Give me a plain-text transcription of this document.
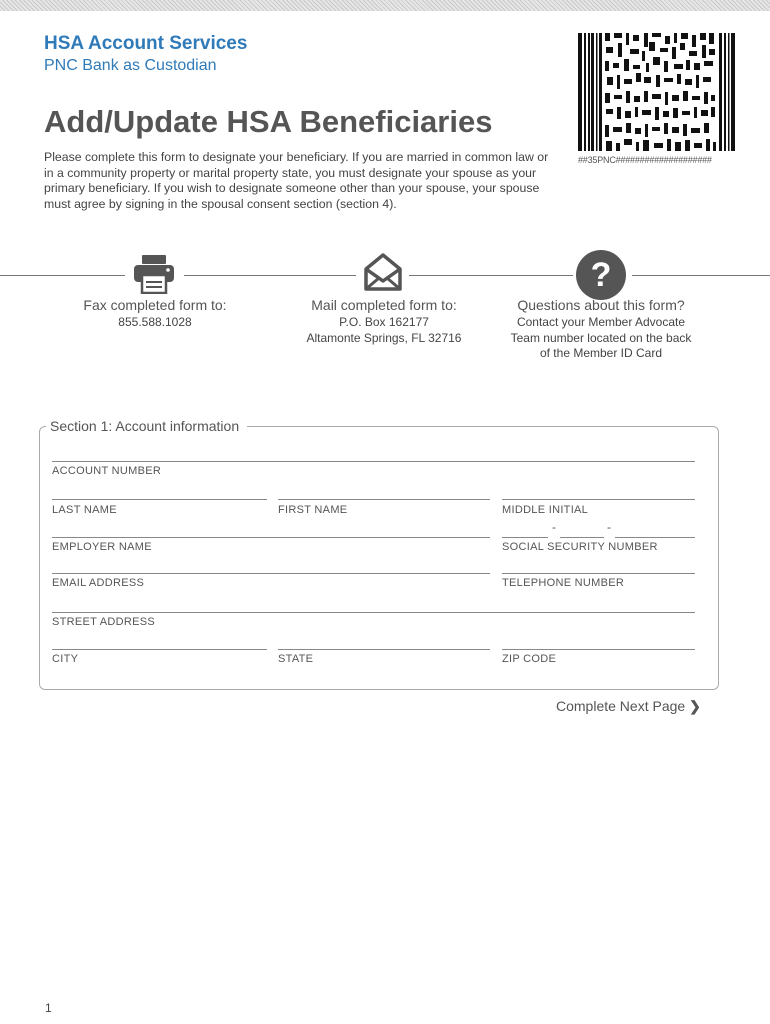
HSA Account Services
PNC Bank as Custodian
##35PNC####################
Add/Update HSA Beneficiaries
Please complete this form to designate your beneficiary. If you are married in common law or in a community property or marital property state, you must designate your spouse as your primary beneficiary. If you wish to designate someone other than your spouse, your spouse must agree by signing in the spousal consent section (section 4).
?
Fax completed form to:
855.588.1028
Mail completed form to:
P.O. Box 162177
Altamonte Springs, FL 32716
Questions about this form?
Contact your Member Advocate
Team number located on the back
of the Member ID Card
Section 1: Account information
ACCOUNT NUMBER
LAST NAME	FIRST NAME	MIDDLE INITIAL
-	-
EMPLOYER NAME	SOCIAL SECURITY NUMBER
EMAIL ADDRESS	TELEPHONE NUMBER
STREET ADDRESS
CITY	STATE	ZIP CODE
Complete Next Page ❯
1
